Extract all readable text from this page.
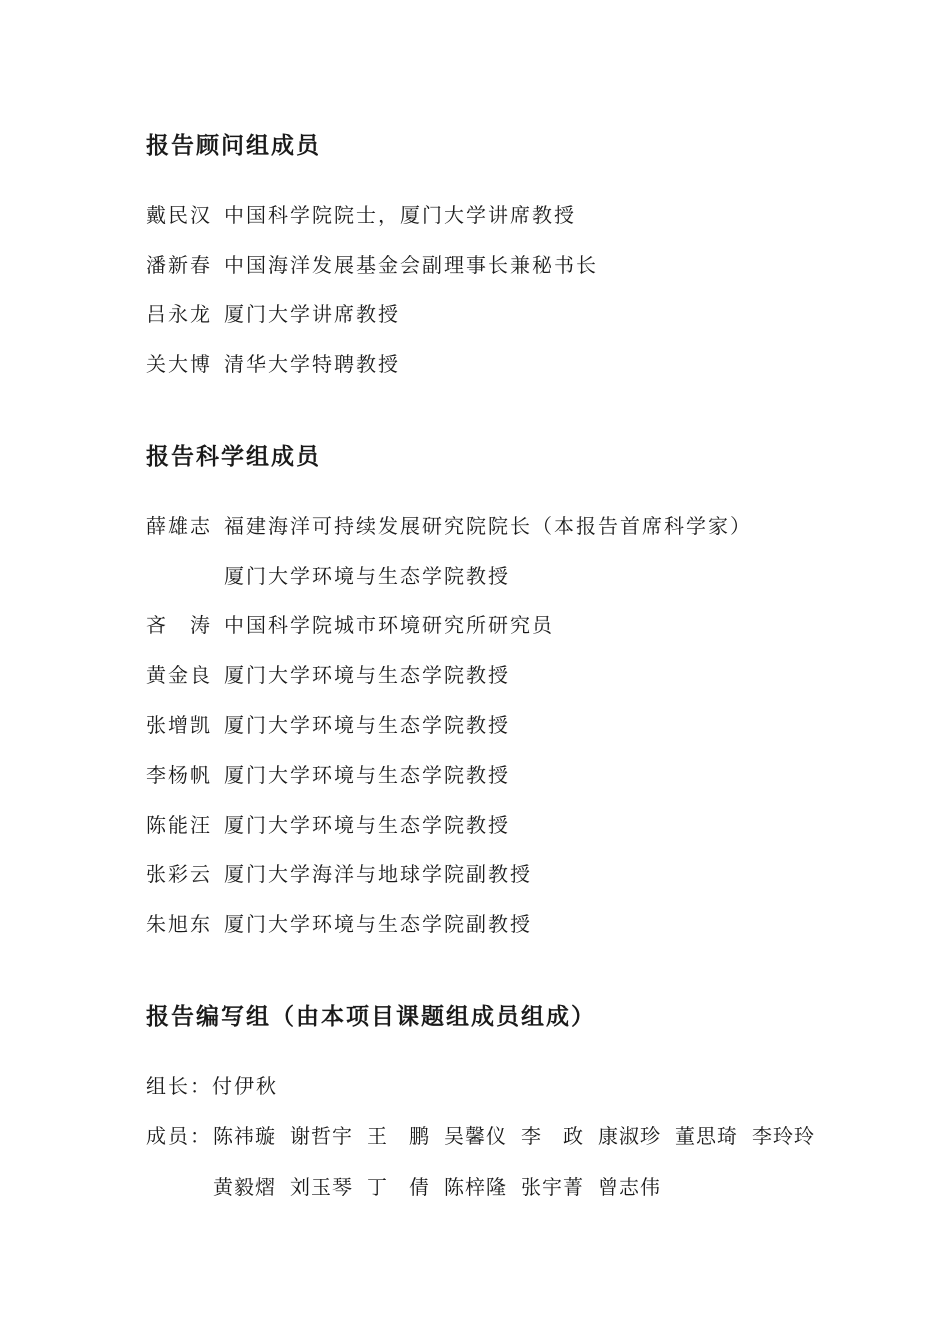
报告顾问组成员
戴民汉 中国科学院院士，厦门大学讲席教授
潘新春 中国海洋发展基金会副理事长兼秘书长
吕永龙 厦门大学讲席教授
关大博 清华大学特聘教授
报告科学组成员
薛雄志 福建海洋可持续发展研究院院长（本报告首席科学家）
厦门大学环境与生态学院教授
吝　涛 中国科学院城市环境研究所研究员
黄金良 厦门大学环境与生态学院教授
张增凯 厦门大学环境与生态学院教授
李杨帆 厦门大学环境与生态学院教授
陈能汪 厦门大学环境与生态学院教授
张彩云 厦门大学海洋与地球学院副教授
朱旭东 厦门大学环境与生态学院副教授
报告编写组（由本项目课题组成员组成）
组长：付伊秋
成员： 陈祎璇 谢哲宇 王　鹏 吴馨仪 李　政 康淑珍 董思琦 李玲玲
黄毅熠 刘玉琴 丁　倩 陈梓隆 张宇菁 曾志伟
